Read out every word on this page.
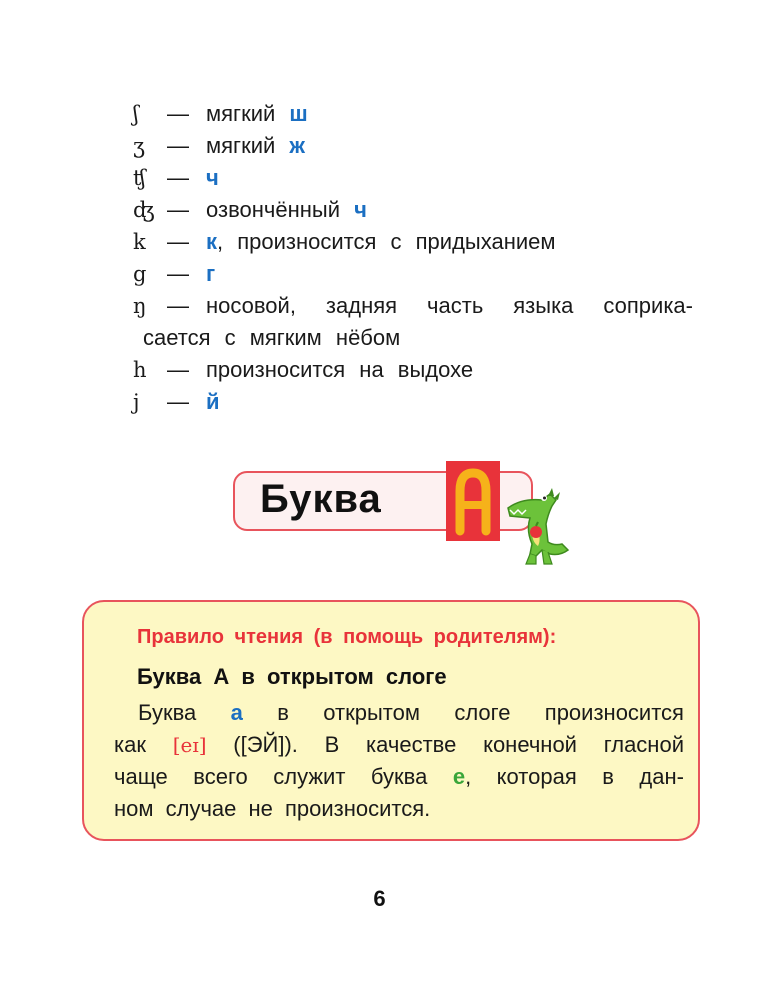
ʃ	— мягкий ш
ʒ	— мягкий ж
ʧ — ч
ʤ — озвончённый ч
k — к, произносится с придыханием
g — г
ŋ — носовой, задняя часть языка соприка-
сается с мягким нёбом
h — произносится на выдохе
j	— й
Буква
Правило чтения (в помощь родителям):
Буква А в открытом слоге
Буква a в открытом слоге произносится
как [eɪ] ([ЭЙ]). В качестве конечной гласной
чаще всего служит буква e, которая в дан-
ном случае не произносится.
6
